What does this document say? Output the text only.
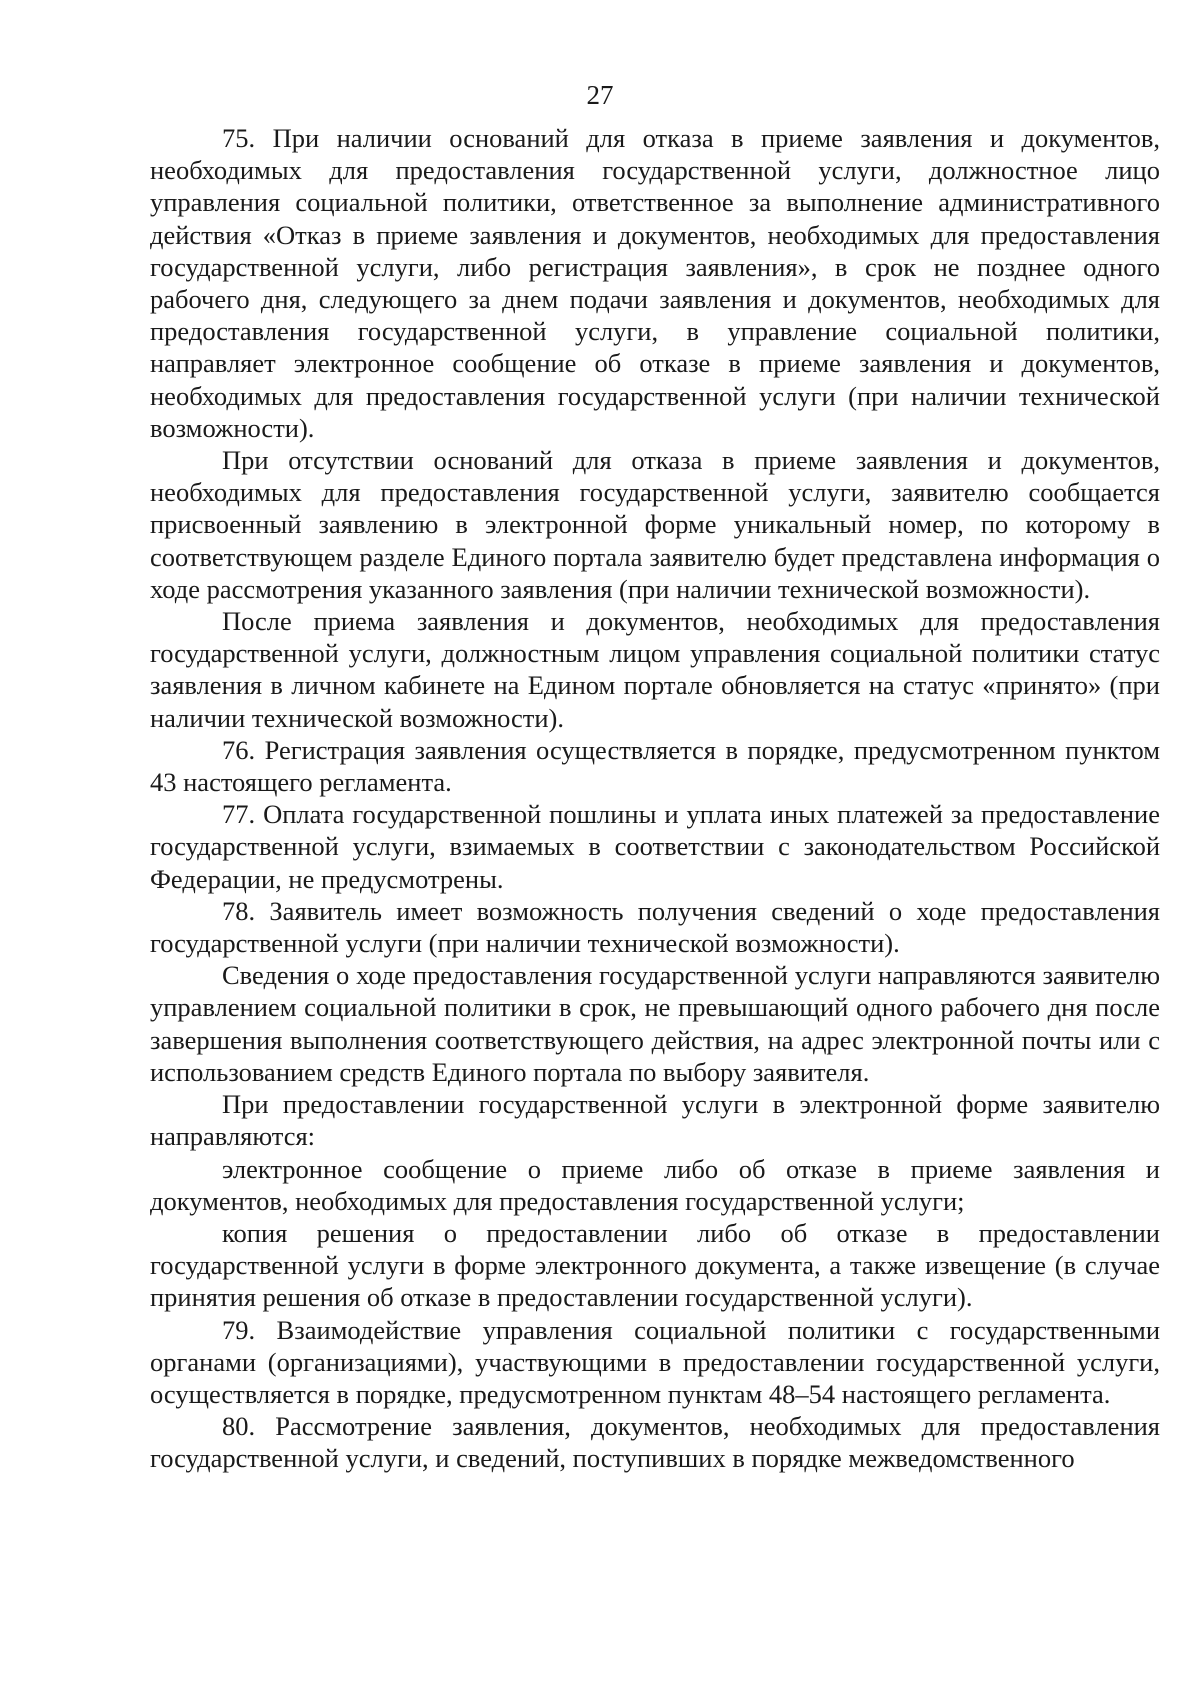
27

75. При наличии оснований для отказа в приеме заявления и документов, необходимых для предоставления государственной услуги, должностное лицо управления социальной политики, ответственное за выполнение административного действия «Отказ в приеме заявления и документов, необходимых для предоставления государственной услуги, либо регистрация заявления», в срок не позднее одного рабочего дня, следующего за днем подачи заявления и документов, необходимых для предоставления государственной услуги, в управление социальной политики, направляет электронное сообщение об отказе в приеме заявления и документов, необходимых для предоставления государственной услуги (при наличии технической возможности).

При отсутствии оснований для отказа в приеме заявления и документов, необходимых для предоставления государственной услуги, заявителю сообщается присвоенный заявлению в электронной форме уникальный номер, по которому в соответствующем разделе Единого портала заявителю будет представлена информация о ходе рассмотрения указанного заявления (при наличии технической возможности).

После приема заявления и документов, необходимых для предоставления государственной услуги, должностным лицом управления социальной политики статус заявления в личном кабинете на Едином портале обновляется на статус «принято» (при наличии технической возможности).

76. Регистрация заявления осуществляется в порядке, предусмотренном пунктом 43 настоящего регламента.

77. Оплата государственной пошлины и уплата иных платежей за предоставление государственной услуги, взимаемых в соответствии с законодательством Российской Федерации, не предусмотрены.

78. Заявитель имеет возможность получения сведений о ходе предоставления государственной услуги (при наличии технической возможности).

Сведения о ходе предоставления государственной услуги направляются заявителю управлением социальной политики в срок, не превышающий одного рабочего дня после завершения выполнения соответствующего действия, на адрес электронной почты или с использованием средств Единого портала по выбору заявителя.

При предоставлении государственной услуги в электронной форме заявителю направляются:

электронное сообщение о приеме либо об отказе в приеме заявления и документов, необходимых для предоставления государственной услуги;

копия решения о предоставлении либо об отказе в предоставлении государственной услуги в форме электронного документа, а также извещение (в случае принятия решения об отказе в предоставлении государственной услуги).

79. Взаимодействие управления социальной политики с государственными органами (организациями), участвующими в предоставлении государственной услуги, осуществляется в порядке, предусмотренном пунктам 48–54 настоящего регламента.

80. Рассмотрение заявления, документов, необходимых для предоставления государственной услуги, и сведений, поступивших в порядке межведомственного
